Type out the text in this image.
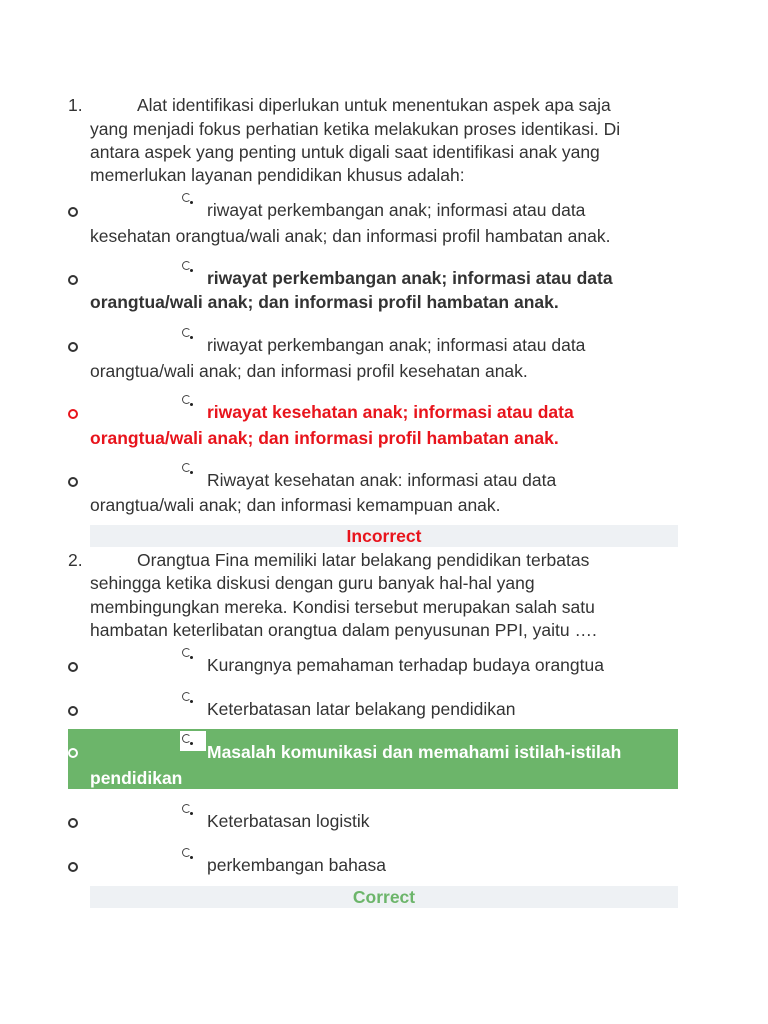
1.	Alat identifikasi diperlukan untuk menentukan aspek apa saja
yang menjadi fokus perhatian ketika melakukan proses identikasi. Di
antara aspek yang penting untuk digali saat identifikasi anak yang
memerlukan layanan pendidikan khusus adalah:
riwayat perkembangan anak; informasi atau data
kesehatan orangtua/wali anak; dan informasi profil hambatan anak.
riwayat perkembangan anak; informasi atau data
orangtua/wali anak; dan informasi profil hambatan anak.
riwayat perkembangan anak; informasi atau data
orangtua/wali anak; dan informasi profil kesehatan anak.
riwayat kesehatan anak; informasi atau data
orangtua/wali anak; dan informasi profil hambatan anak.
Riwayat kesehatan anak: informasi atau data
orangtua/wali anak; dan informasi kemampuan anak.
Incorrect
2.	Orangtua Fina memiliki latar belakang pendidikan terbatas
sehingga ketika diskusi dengan guru banyak hal-hal yang
membingungkan mereka. Kondisi tersebut merupakan salah satu
hambatan keterlibatan orangtua dalam penyusunan PPI, yaitu ….
Kurangnya pemahaman terhadap budaya orangtua
Keterbatasan latar belakang pendidikan
Masalah komunikasi dan memahami istilah-istilah
pendidikan
Keterbatasan logistik
perkembangan bahasa
Correct
